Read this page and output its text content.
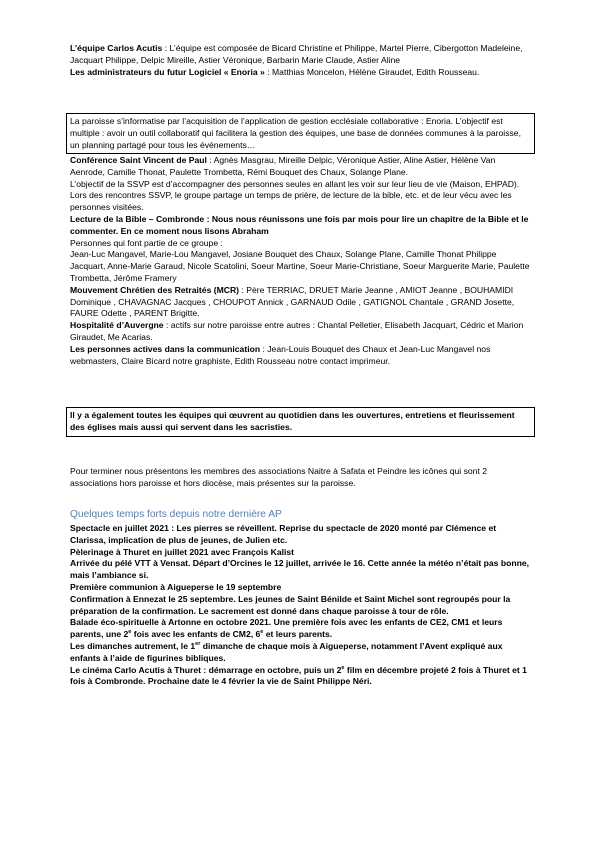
L’équipe Carlos Acutis : L’équipe est composée de Bicard Christine et Philippe, Martel Pierre, Cibergotton Madeleine, Jacquart Philippe, Delpic Mireille, Astier Véronique, Barbarin Marie Claude, Astier Aline

Les administrateurs du futur Logiciel « Enoria » : Matthias Moncelon, Hélène Giraudet, Edith Rousseau.

La paroisse s’informatise par l’acquisition de l’application de gestion ecclésiale collaborative : Enoria. L’objectif est multiple : avoir un outil collaboratif qui facilitera la gestion des équipes, une base de données communes à la paroisse, un planning partagé pour tous les événements…

Conférence Saint Vincent de Paul : Agnès Masgrau, Mireille Delpic, Véronique Astier, Aline Astier, Hélène Van Aenrode, Camille Thonat, Paulette Trombetta, Rémi Bouquet des Chaux, Solange Plane.

L’objectif de la SSVP est d’accompagner des personnes seules en allant les voir sur leur lieu de vie (Maison, EHPAD). Lors des rencontres SSVP, le groupe partage un temps de prière, de lecture de la bible, etc. et de leur vécu avec les personnes visitées.

Lecture de la Bible – Combronde : Nous nous réunissons une fois par mois pour lire un chapitre de la Bible et le commenter. En ce moment nous lisons Abraham

Personnes qui font partie de ce groupe :

Jean-Luc Mangavel, Marie-Lou Mangavel, Josiane Bouquet des Chaux, Solange Plane, Camille Thonat Philippe Jacquart, Anne-Marie Garaud, Nicole Scatolini, Soeur Martine, Soeur Marie-Christiane, Soeur Marguerite Marie, Paulette Trombetta, Jérôme Framery

Mouvement Chrétien des Retraités (MCR) : Père TERRIAC, DRUET Marie Jeanne , AMIOT Jeanne , BOUHAMIDI Dominique , CHAVAGNAC Jacques , CHOUPOT Annick , GARNAUD Odile , GATIGNOL Chantale , GRAND Josette, FAURE Odette , PARENT Brigitte.

Hospitalité d’Auvergne : actifs sur notre paroisse entre autres : Chantal Pelletier, Elisabeth Jacquart, Cédric et Marion Giraudet, Me Acarias.

Les personnes actives dans la communication : Jean-Louis Bouquet des Chaux et Jean-Luc Mangavel nos webmasters, Claire Bicard notre graphiste, Edith Rousseau notre contact imprimeur.

Il y a également toutes les équipes qui œuvrent au quotidien dans les ouvertures, entretiens et fleurissement des églises mais aussi qui servent dans les sacristies.

Pour terminer nous présentons les membres des associations Naitre à Safata et Peindre les icônes qui sont 2 associations hors paroisse et hors diocèse, mais présentes sur la paroisse.

Quelques temps forts depuis notre dernière AP

Spectacle en juillet 2021 : Les pierres se réveillent. Reprise du spectacle de 2020 monté par Clémence et Clarissa, implication de plus de jeunes, de Julien etc.

Pèlerinage à Thuret en juillet 2021 avec François Kalist

Arrivée du pélé VTT à Vensat. Départ d’Orcines le 12 juillet, arrivée le 16. Cette année la météo n’était pas bonne, mais l’ambiance si.

Première communion à Aigueperse le 19 septembre

Confirmation à Ennezat le 25 septembre. Les jeunes de Saint Bénilde et Saint Michel sont regroupés pour la préparation de la confirmation. Le sacrement est donné dans chaque paroisse à tour de rôle.

Balade éco-spirituelle à Artonne en octobre 2021. Une première fois avec les enfants de CE2, CM1 et leurs parents, une 2e fois avec les enfants de CM2, 6e et leurs parents.

Les dimanches autrement, le 1er dimanche de chaque mois à Aigueperse, notamment l’Avent expliqué aux enfants à l’aide de figurines bibliques.

Le cinéma Carlo Acutis à Thuret : démarrage en octobre, puis un 2e film en décembre projeté 2 fois à Thuret et 1 fois à Combronde. Prochaine date le 4 février la vie de Saint Philippe Néri.
